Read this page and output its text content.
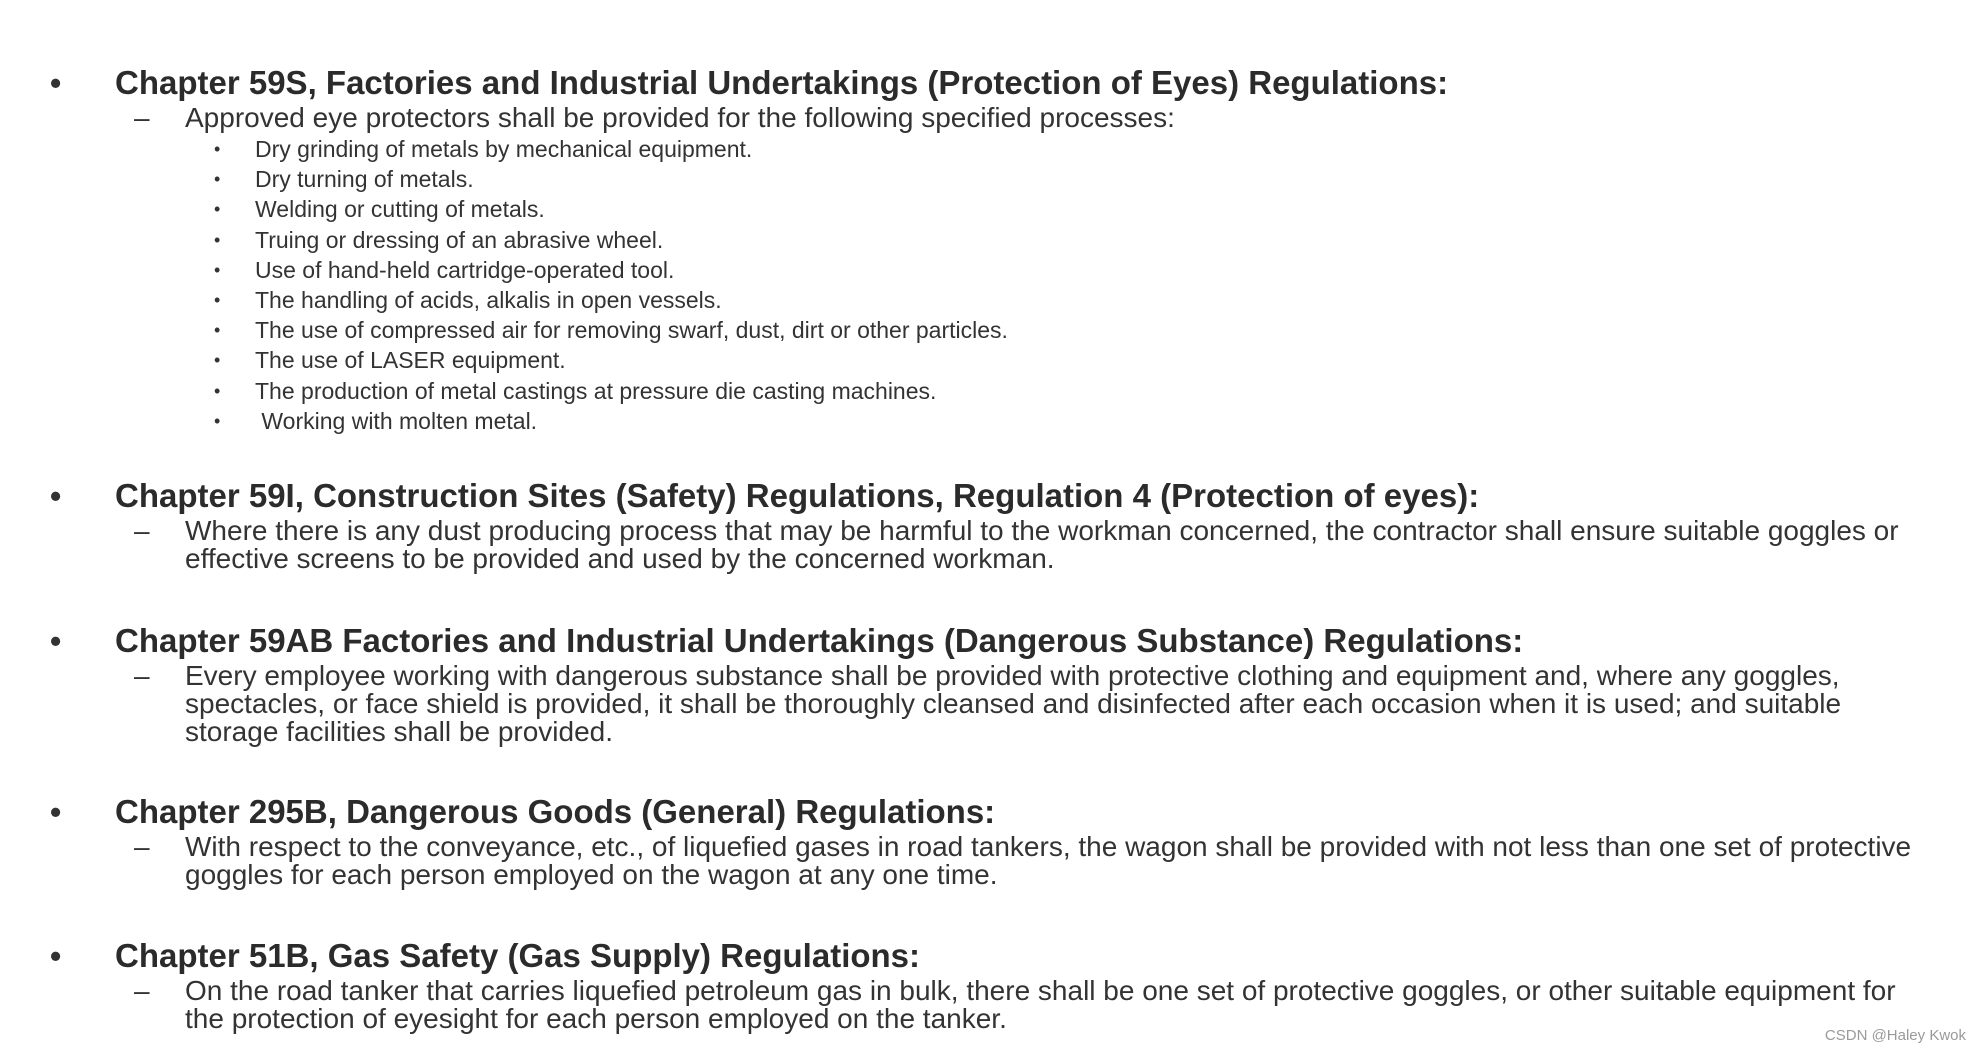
• Chapter 59S, Factories and Industrial Undertakings (Protection of Eyes) Regulations:
– Approved eye protectors shall be provided for the following specified processes:
• Dry grinding of metals by mechanical equipment.
• Dry turning of metals.
• Welding or cutting of metals.
• Truing or dressing of an abrasive wheel.
• Use of hand-held cartridge-operated tool.
• The handling of acids, alkalis in open vessels.
• The use of compressed air for removing swarf, dust, dirt or other particles.
• The use of LASER equipment.
• The production of metal castings at pressure die casting machines.
• Working with molten metal.
• Chapter 59I, Construction Sites (Safety) Regulations, Regulation 4 (Protection of eyes):
– Where there is any dust producing process that may be harmful to the workman concerned, the contractor shall ensure suitable goggles or effective screens to be provided and used by the concerned workman.
• Chapter 59AB Factories and Industrial Undertakings (Dangerous Substance) Regulations:
– Every employee working with dangerous substance shall be provided with protective clothing and equipment and, where any goggles, spectacles, or face shield is provided, it shall be thoroughly cleansed and disinfected after each occasion when it is used; and suitable storage facilities shall be provided.
• Chapter 295B, Dangerous Goods (General) Regulations:
– With respect to the conveyance, etc., of liquefied gases in road tankers, the wagon shall be provided with not less than one set of protective goggles for each person employed on the wagon at any one time.
• Chapter 51B, Gas Safety (Gas Supply) Regulations:
– On the road tanker that carries liquefied petroleum gas in bulk, there shall be one set of protective goggles, or other suitable equipment for the protection of eyesight for each person employed on the tanker.
CSDN @Haley Kwok
